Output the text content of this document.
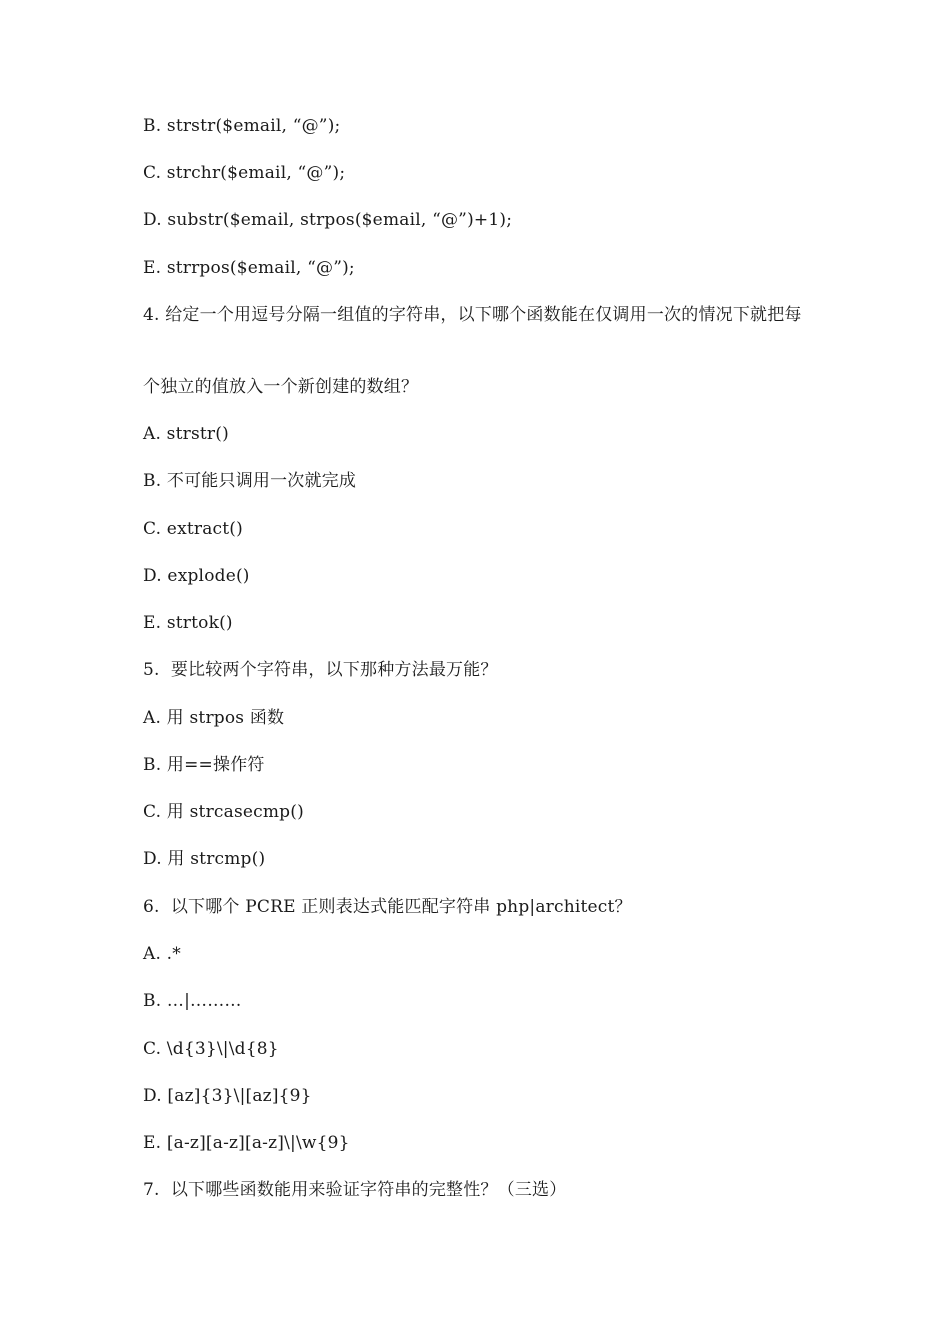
B. strstr($email, “@”);
C. strchr($email, “@”);
D. substr($email, strpos($email, “@”)+1);
E. strrpos($email, “@”);
4. 给定一个用逗号分隔一组值的字符串，以下哪个函数能在仅调用一次的情况下就把每
个独立的值放入一个新创建的数组？
A. strstr()
B. 不可能只调用一次就完成
C. extract()
D. explode()
E. strtok()
5.  要比较两个字符串，以下那种方法最万能？
A. 用 strpos 函数
B. 用==操作符
C. 用 strcasecmp()
D. 用 strcmp()
6.  以下哪个 PCRE 正则表达式能匹配字符串 php|architect？
A. .*
B. …|………
C. \d{3}\|\d{8}
D. [az]{3}\|[az]{9}
E. [a-z][a-z][a-z]\|\w{9}
7.  以下哪些函数能用来验证字符串的完整性？（三选）
